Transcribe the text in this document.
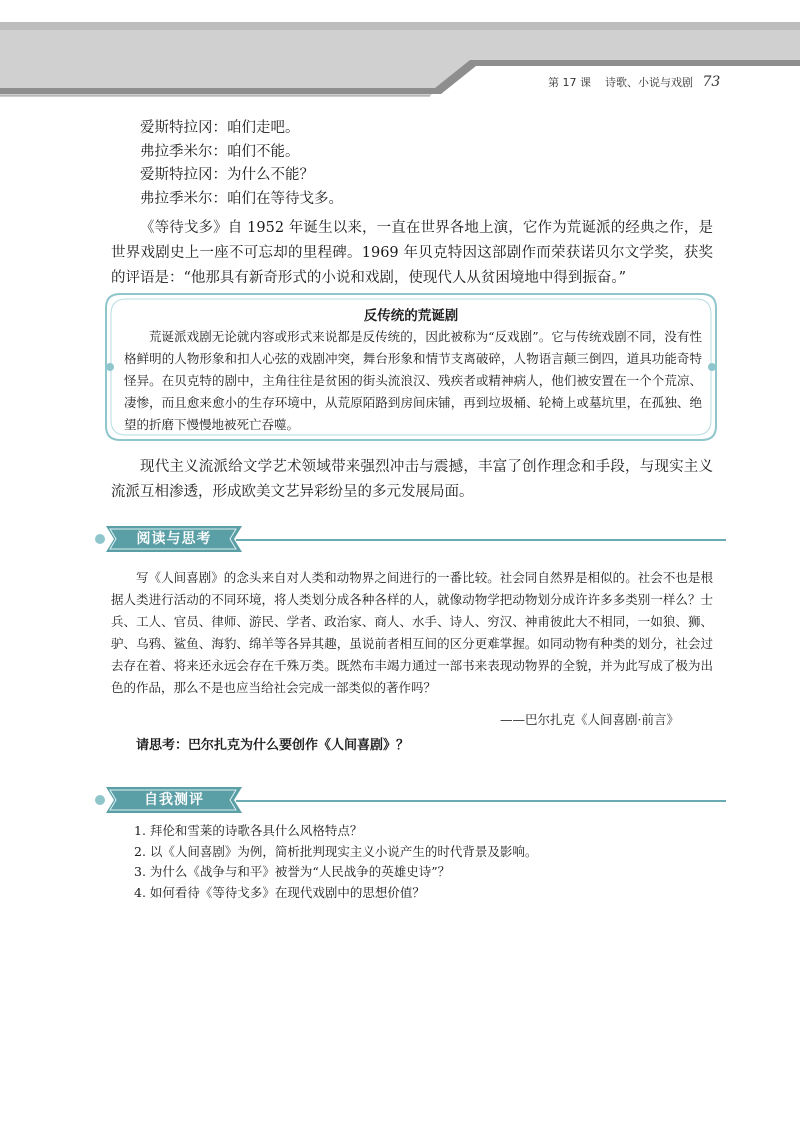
第 17 课 诗歌、小说与戏剧 73
爱斯特拉冈：咱们走吧。
弗拉季米尔：咱们不能。
爱斯特拉冈：为什么不能？
弗拉季米尔：咱们在等待戈多。
《等待戈多》自 1952 年诞生以来，一直在世界各地上演，它作为荒诞派的经典之作，是世界戏剧史上一座不可忘却的里程碑。1969 年贝克特因这部剧作而荣获诺贝尔文学奖，获奖的评语是：“他那具有新奇形式的小说和戏剧，使现代人从贫困境地中得到振奋。”
反传统的荒诞剧
荒诞派戏剧无论就内容或形式来说都是反传统的，因此被称为“反戏剧”。它与传统戏剧不同，没有性格鲜明的人物形象和扣人心弦的戏剧冲突，舞台形象和情节支离破碎，人物语言颠三倒四，道具功能奇特怪异。在贝克特的剧中，主角往往是贫困的街头流浪汉、残疾者或精神病人，他们被安置在一个个荒凉、凄惨，而且愈来愈小的生存环境中，从荒原陌路到房间床铺，再到垃圾桶、轮椅上或墓坑里，在孤独、绝望的折磨下慢慢地被死亡吞噬。
现代主义流派给文学艺术领域带来强烈冲击与震撼，丰富了创作理念和手段，与现实主义流派互相渗透，形成欧美文艺异彩纷呈的多元发展局面。
阅读与思考
写《人间喜剧》的念头来自对人类和动物界之间进行的一番比较。社会同自然界是相似的。社会不也是根据人类进行活动的不同环境，将人类划分成各种各样的人，就像动物学把动物划分成许许多多类别一样么？士兵、工人、官员、律师、游民、学者、政治家、商人、水手、诗人、穷汉、神甫彼此大不相同，一如狼、狮、驴、乌鸦、鲨鱼、海豹、绵羊等各异其趣，虽说前者相互间的区分更难掌握。如同动物有种类的划分，社会过去存在着、将来还永远会存在千殊万类。既然布丰竭力通过一部书来表现动物界的全貌，并为此写成了极为出色的作品，那么不是也应当给社会完成一部类似的著作吗？
——巴尔扎克《人间喜剧·前言》
请思考：巴尔扎克为什么要创作《人间喜剧》？
自我测评
1. 拜伦和雪莱的诗歌各具什么风格特点？
2. 以《人间喜剧》为例，简析批判现实主义小说产生的时代背景及影响。
3. 为什么《战争与和平》被誉为“人民战争的英雄史诗”？
4. 如何看待《等待戈多》在现代戏剧中的思想价值？
